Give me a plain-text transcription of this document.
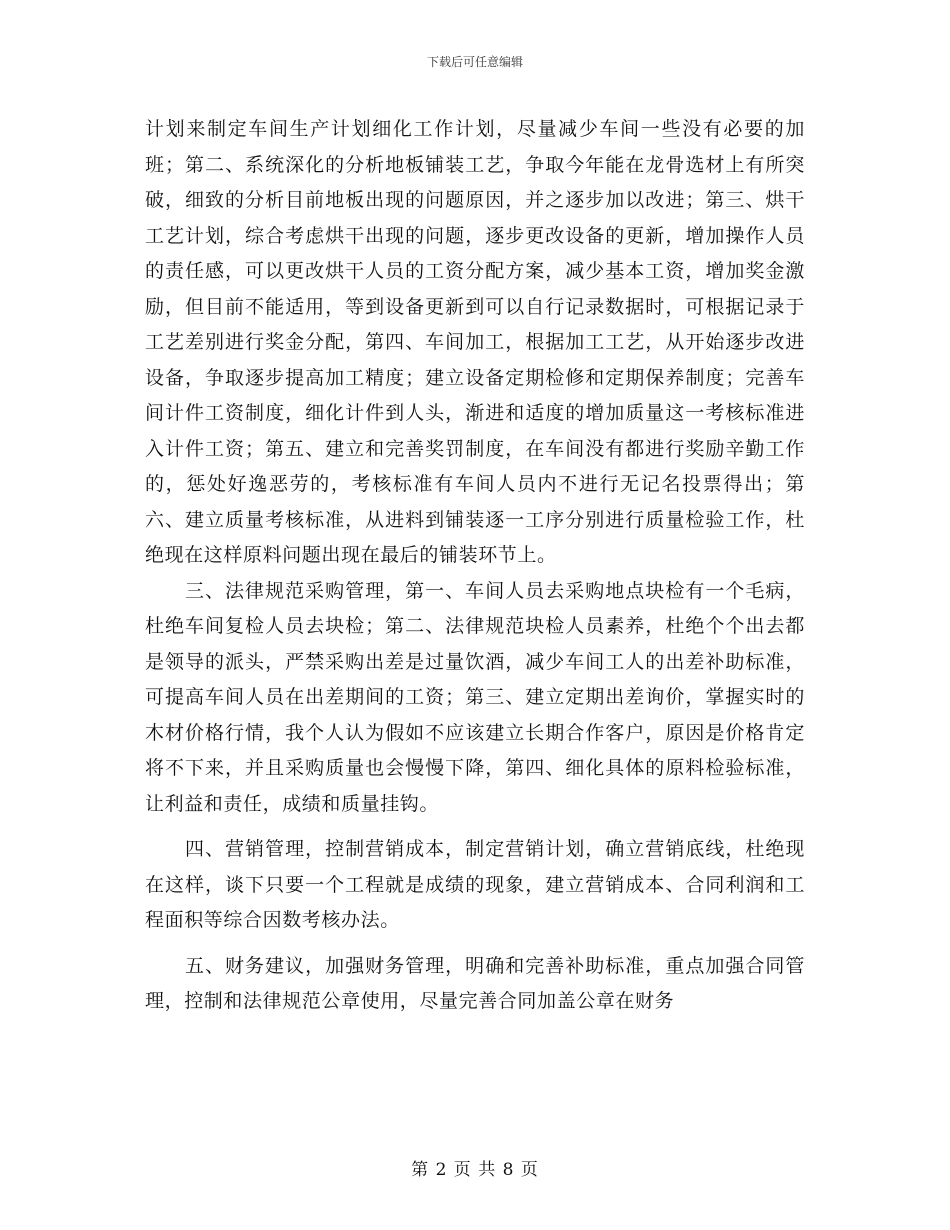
下载后可任意编辑

计划来制定车间生产计划细化工作计划，尽量减少车间一些没有必要的加班；第二、系统深化的分析地板铺装工艺，争取今年能在龙骨选材上有所突破，细致的分析目前地板出现的问题原因，并之逐步加以改进；第三、烘干工艺计划，综合考虑烘干出现的问题，逐步更改设备的更新，增加操作人员的责任感，可以更改烘干人员的工资分配方案，减少基本工资，增加奖金激励，但目前不能适用，等到设备更新到可以自行记录数据时，可根据记录于工艺差别进行奖金分配，第四、车间加工，根据加工工艺，从开始逐步改进设备，争取逐步提高加工精度；建立设备定期检修和定期保养制度；完善车间计件工资制度，细化计件到人头，渐进和适度的增加质量这一考核标准进入计件工资；第五、建立和完善奖罚制度，在车间没有都进行奖励辛勤工作的，惩处好逸恶劳的，考核标准有车间人员内不进行无记名投票得出；第六、建立质量考核标准，从进料到铺装逐一工序分别进行质量检验工作，杜绝现在这样原料问题出现在最后的铺装环节上。

三、法律规范采购管理，第一、车间人员去采购地点块检有一个毛病，杜绝车间复检人员去块检；第二、法律规范块检人员素养，杜绝个个出去都是领导的派头，严禁采购出差是过量饮酒，减少车间工人的出差补助标准，可提高车间人员在出差期间的工资；第三、建立定期出差询价，掌握实时的木材价格行情，我个人认为假如不应该建立长期合作客户，原因是价格肯定将不下来，并且采购质量也会慢慢下降，第四、细化具体的原料检验标准，让利益和责任，成绩和质量挂钩。

四、营销管理，控制营销成本，制定营销计划，确立营销底线，杜绝现在这样，谈下只要一个工程就是成绩的现象，建立营销成本、合同利润和工程面积等综合因数考核办法。

五、财务建议，加强财务管理，明确和完善补助标准，重点加强合同管理，控制和法律规范公章使用，尽量完善合同加盖公章在财务

第 2 页 共 8 页
